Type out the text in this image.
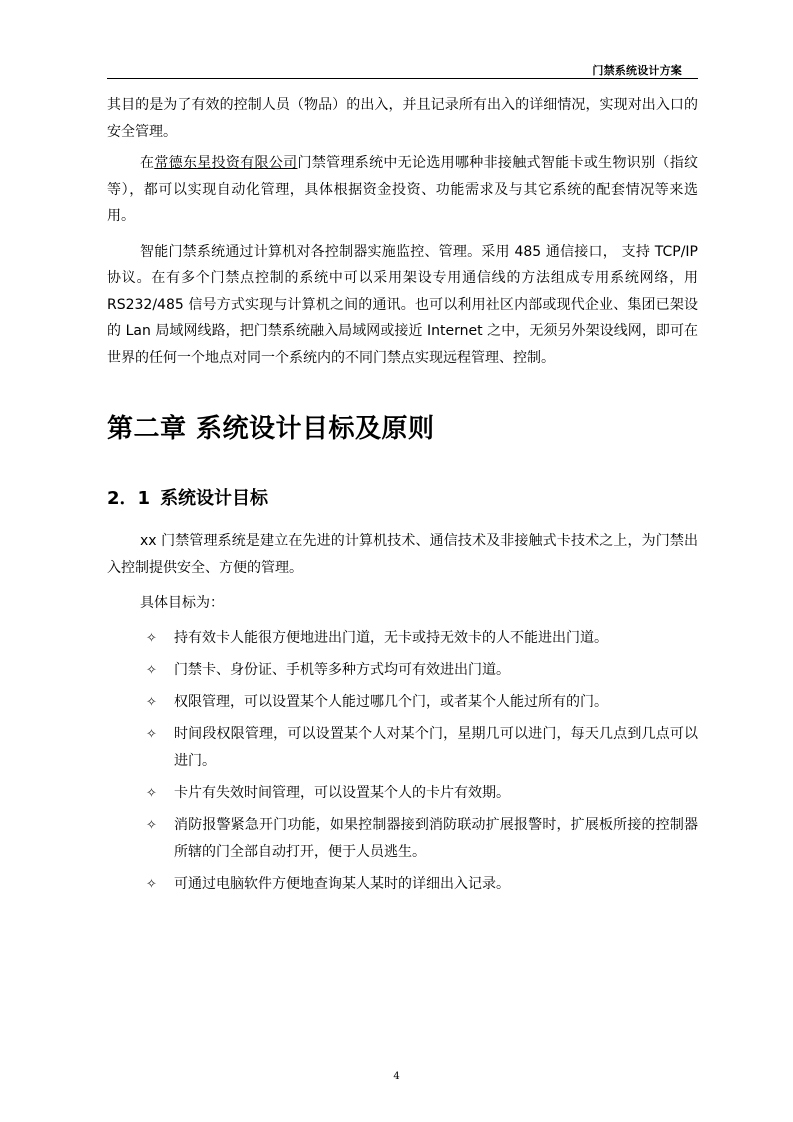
门禁系统设计方案

其目的是为了有效的控制人员（物品）的出入，并且记录所有出入的详细情况，实现对出入口的安全管理。

在常德东星投资有限公司门禁管理系统中无论选用哪种非接触式智能卡或生物识别（指纹等），都可以实现自动化管理，具体根据资金投资、功能需求及与其它系统的配套情况等来选用。

智能门禁系统通过计算机对各控制器实施监控、管理。采用 485 通信接口， 支持 TCP/IP 协议。在有多个门禁点控制的系统中可以采用架设专用通信线的方法组成专用系统网络，用 RS232/485 信号方式实现与计算机之间的通讯。也可以利用社区内部或现代企业、集团已架设的 Lan 局域网线路，把门禁系统融入局域网或接近 Internet 之中，无须另外架设线网，即可在世界的任何一个地点对同一个系统内的不同门禁点实现远程管理、控制。

第二章 系统设计目标及原则
2．1 系统设计目标

xx 门禁管理系统是建立在先进的计算机技术、通信技术及非接触式卡技术之上，为门禁出入控制提供安全、方便的管理。

具体目标为：

✧ 持有效卡人能很方便地进出门道，无卡或持无效卡的人不能进出门道。
✧ 门禁卡、身份证、手机等多种方式均可有效进出门道。
✧ 权限管理，可以设置某个人能过哪几个门，或者某个人能过所有的门。
✧ 时间段权限管理，可以设置某个人对某个门，星期几可以进门，每天几点到几点可以进门。
✧ 卡片有失效时间管理，可以设置某个人的卡片有效期。
✧ 消防报警紧急开门功能，如果控制器接到消防联动扩展报警时，扩展板所接的控制器所辖的门全部自动打开，便于人员逃生。
✧ 可通过电脑软件方便地查询某人某时的详细出入记录。
4
